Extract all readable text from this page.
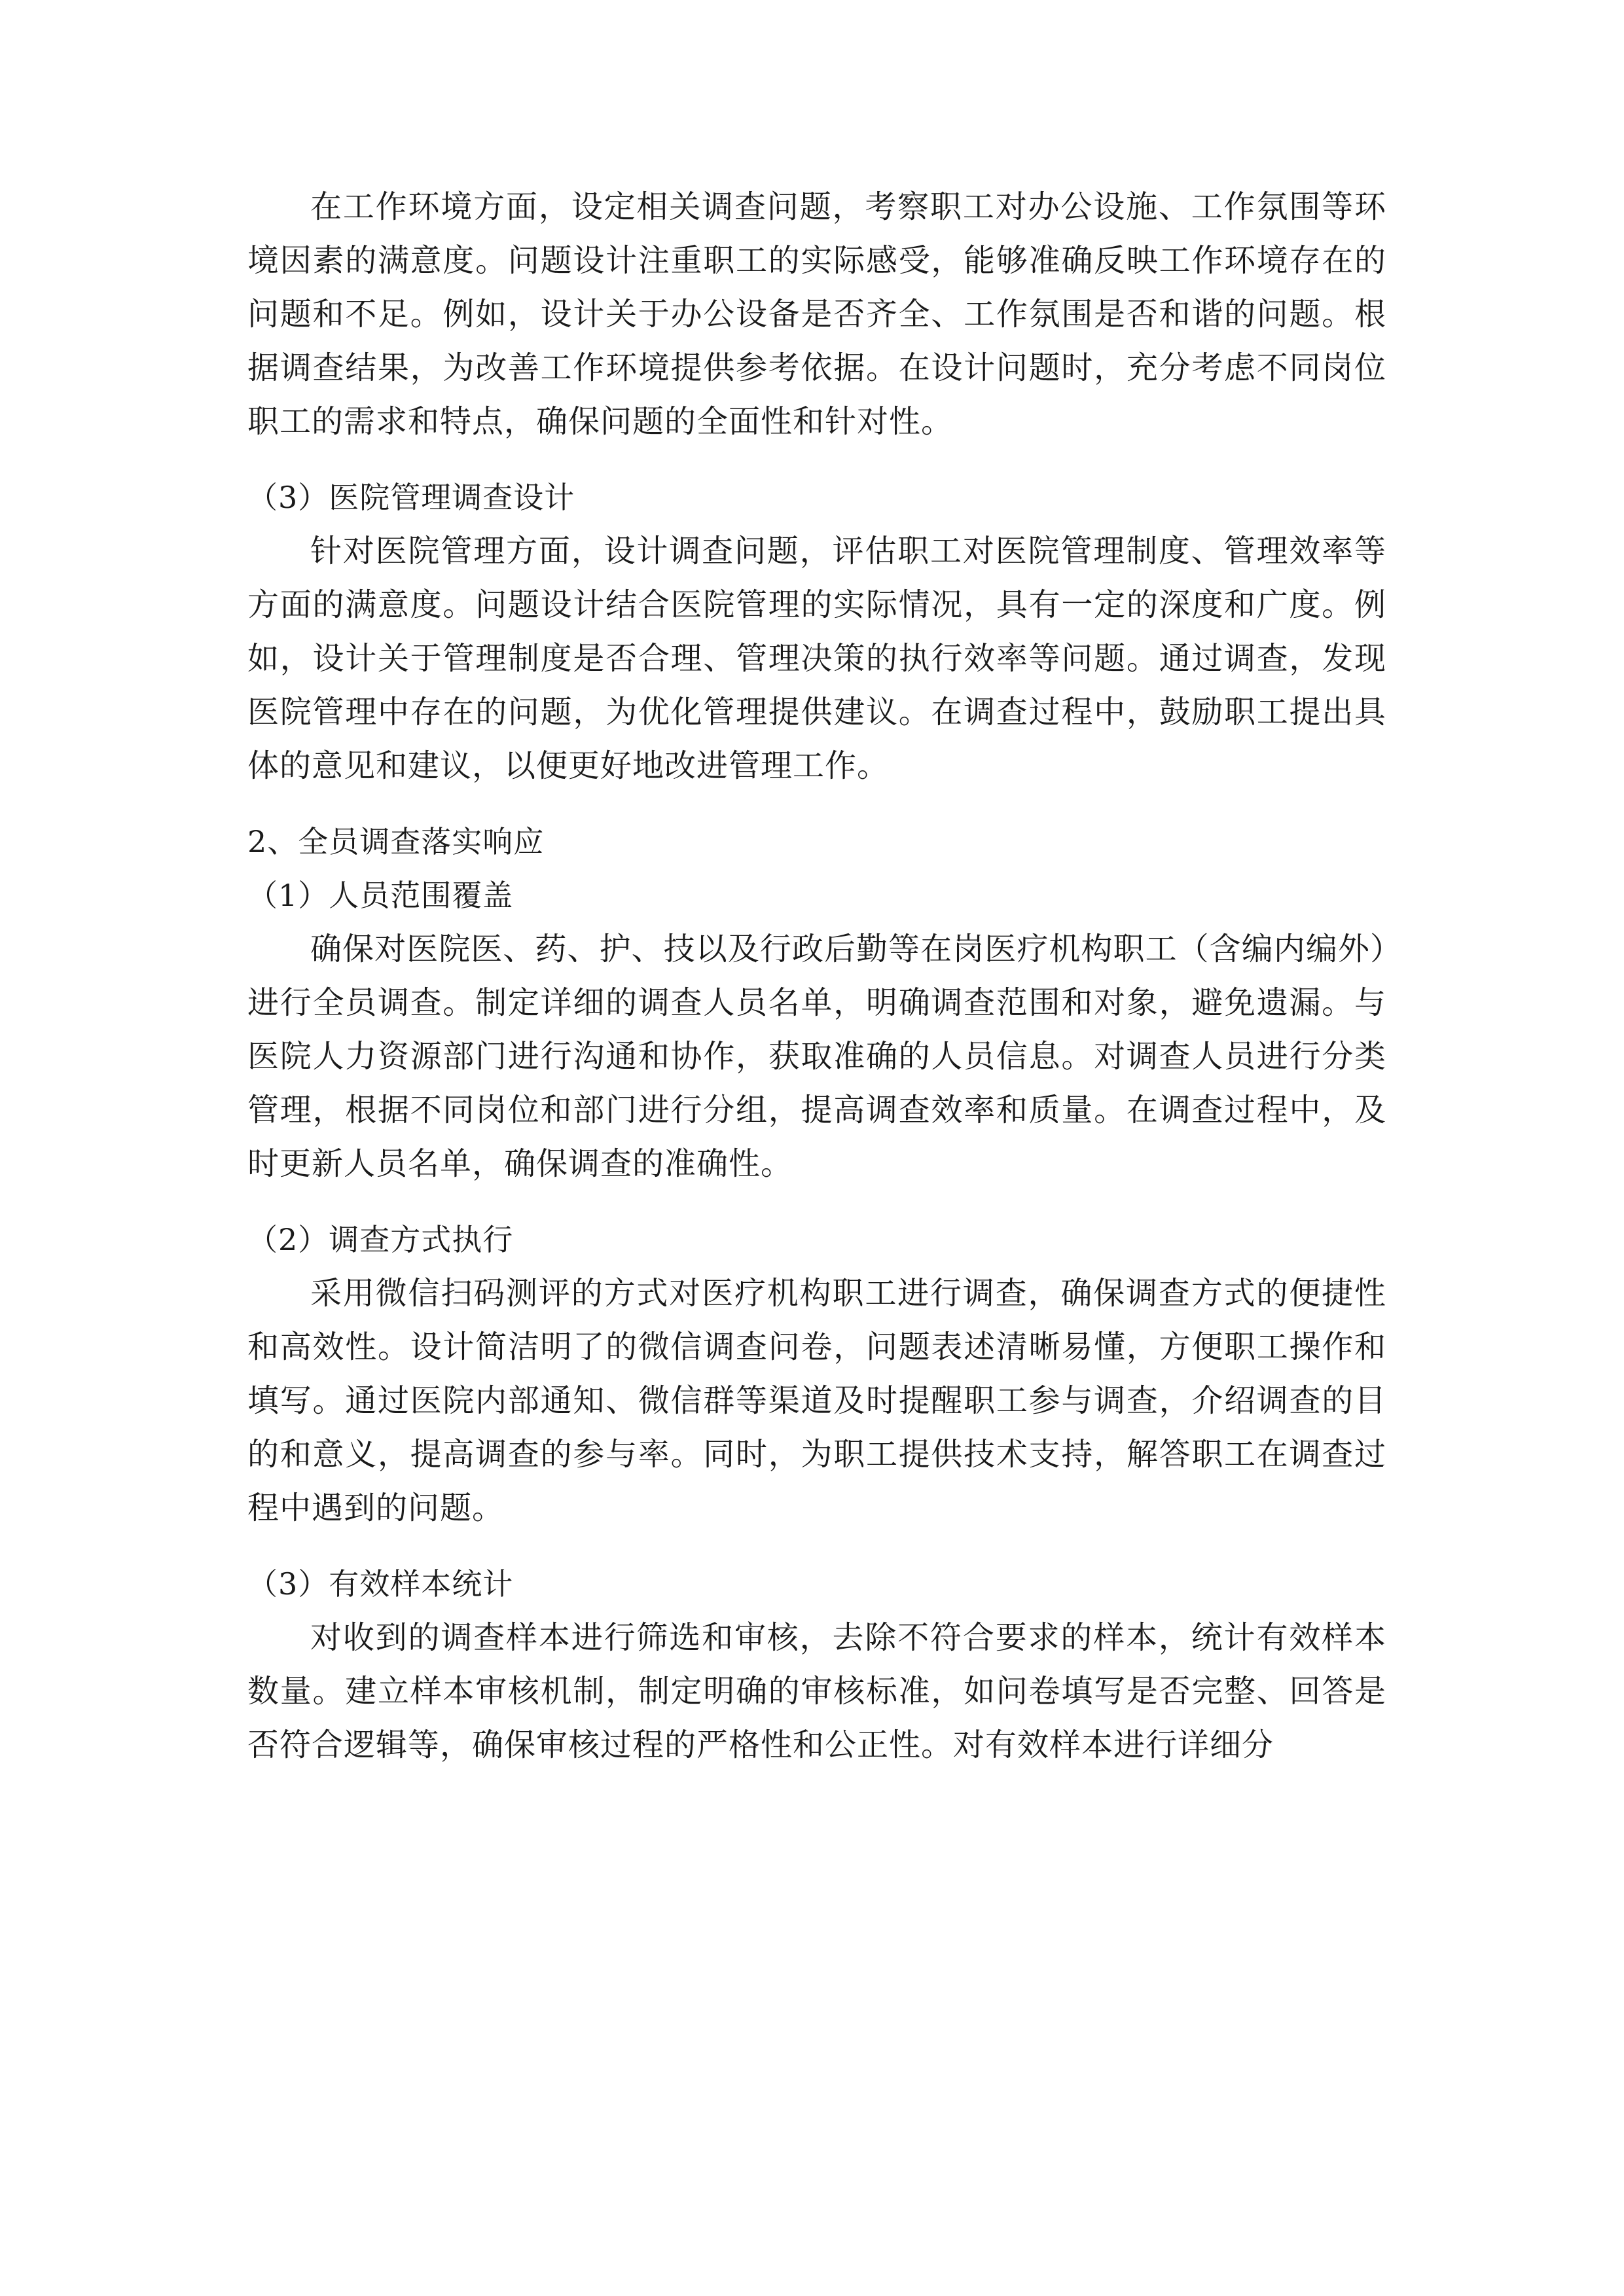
在工作环境方面，设定相关调查问题，考察职工对办公设施、工作氛围等环境因素的满意度。问题设计注重职工的实际感受，能够准确反映工作环境存在的问题和不足。例如，设计关于办公设备是否齐全、工作氛围是否和谐的问题。根据调查结果，为改善工作环境提供参考依据。在设计问题时，充分考虑不同岗位职工的需求和特点，确保问题的全面性和针对性。

（3）医院管理调查设计

针对医院管理方面，设计调查问题，评估职工对医院管理制度、管理效率等方面的满意度。问题设计结合医院管理的实际情况，具有一定的深度和广度。例如，设计关于管理制度是否合理、管理决策的执行效率等问题。通过调查，发现医院管理中存在的问题，为优化管理提供建议。在调查过程中，鼓励职工提出具体的意见和建议，以便更好地改进管理工作。

2、全员调查落实响应
（1）人员范围覆盖

确保对医院医、药、护、技以及行政后勤等在岗医疗机构职工（含编内编外）进行全员调查。制定详细的调查人员名单，明确调查范围和对象，避免遗漏。与医院人力资源部门进行沟通和协作，获取准确的人员信息。对调查人员进行分类管理，根据不同岗位和部门进行分组，提高调查效率和质量。在调查过程中，及时更新人员名单，确保调查的准确性。

（2）调查方式执行

采用微信扫码测评的方式对医疗机构职工进行调查，确保调查方式的便捷性和高效性。设计简洁明了的微信调查问卷，问题表述清晰易懂，方便职工操作和填写。通过医院内部通知、微信群等渠道及时提醒职工参与调查，介绍调查的目的和意义，提高调查的参与率。同时，为职工提供技术支持，解答职工在调查过程中遇到的问题。

（3）有效样本统计

对收到的调查样本进行筛选和审核，去除不符合要求的样本，统计有效样本数量。建立样本审核机制，制定明确的审核标准，如问卷填写是否完整、回答是否符合逻辑等，确保审核过程的严格性和公正性。对有效样本进行详细分
